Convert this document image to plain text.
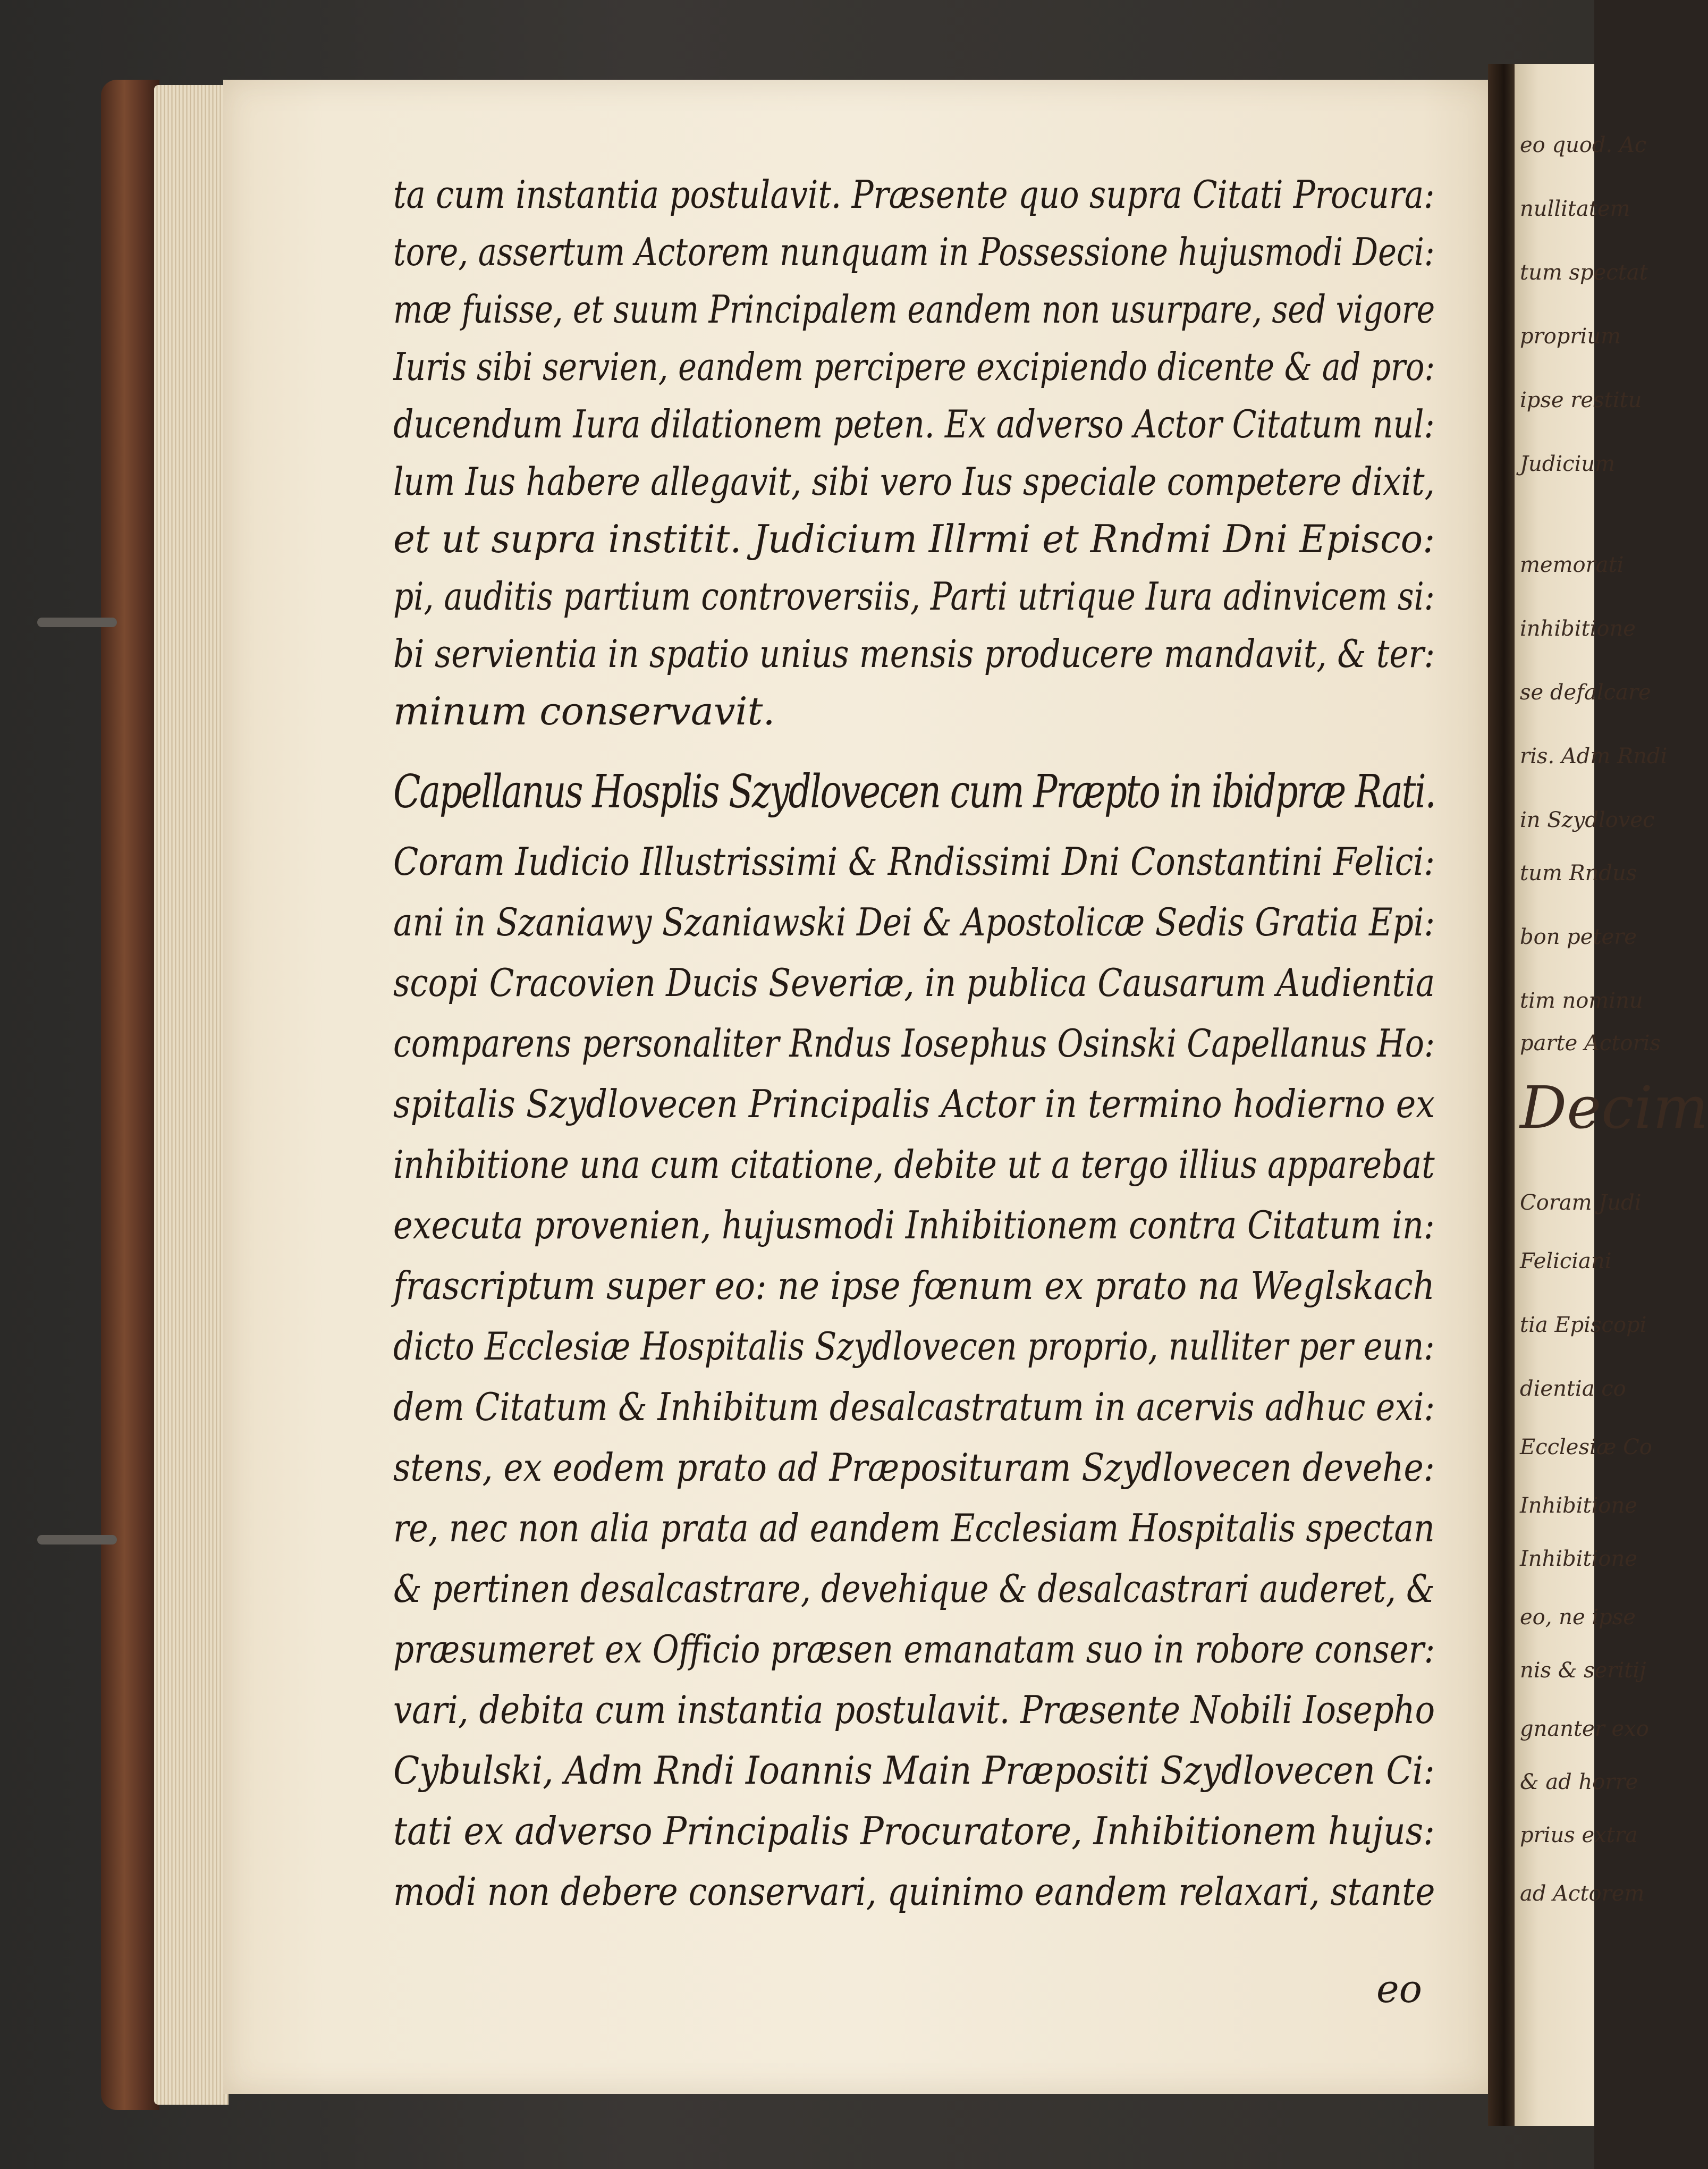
eo quod. Ac
nullitatem
tum spectat
proprium
ipse restitu
Judicium
memorati
inhibitione
se defalcare
ris. Adm Rndi
in Szydlovec
tum Rndus
bon petere
tim nominu
parte Actoris
Decim
Coram Judi
Feliciani
tia Episcopi
dientia co
Ecclesiæ Co
Inhibitione
Inhibitione
eo, ne ipse
nis & seritij
gnanter exo
& ad horre
prius extra
ad Actorem
ta cum instantia postulavit. Præsente quo supra Citati Procura:
tore, assertum Actorem nunquam in Possessione hujusmodi Deci:
mæ fuisse, et suum Principalem eandem non usurpare, sed vigore
Iuris sibi servien, eandem percipere excipiendo dicente & ad pro:
ducendum Iura dilationem peten. Ex adverso Actor Citatum nul:
lum Ius habere allegavit, sibi vero Ius speciale competere dixit,
et ut supra institit. Judicium Illrmi et Rndmi Dni Episco:
pi, auditis partium controversiis, Parti utrique Iura adinvicem si:
bi servientia in spatio unius mensis producere mandavit, & ter:
minum conservavit.
Capellanus Hosplis Szydlovecen cum Præpto in ibidpræ Rati.
Coram Iudicio Illustrissimi & Rndissimi Dni Constantini Felici:
ani in Szaniawy Szaniawski Dei & Apostolicæ Sedis Gratia Epi:
scopi Cracovien Ducis Severiæ, in publica Causarum Audientia
comparens personaliter Rndus Iosephus Osinski Capellanus Ho:
spitalis Szydlovecen Principalis Actor in termino hodierno ex
inhibitione una cum citatione, debite ut a tergo illius apparebat
executa provenien, hujusmodi Inhibitionem contra Citatum in:
frascriptum super eo: ne ipse fœnum ex prato na Weglskach
dicto Ecclesiæ Hospitalis Szydlovecen proprio, nulliter per eun:
dem Citatum & Inhibitum desalcastratum in acervis adhuc exi:
stens, ex eodem prato ad Præposituram Szydlovecen devehe:
re, nec non alia prata ad eandem Ecclesiam Hospitalis spectan
& pertinen desalcastrare, devehique & desalcastrari auderet, &
præsumeret ex Officio præsen emanatam suo in robore conser:
vari, debita cum instantia postulavit. Præsente Nobili Iosepho
Cybulski, Adm Rndi Ioannis Main Præpositi Szydlovecen Ci:
tati ex adverso Principalis Procuratore, Inhibitionem hujus:
modi non debere conservari, quinimo eandem relaxari, stante
eo
